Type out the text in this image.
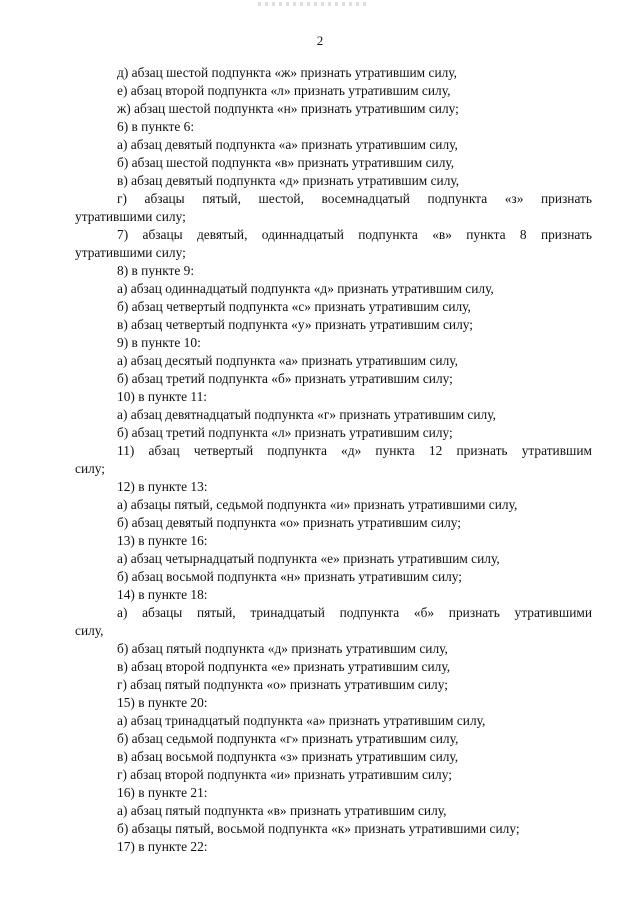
2
д) абзац шестой подпункта «ж» признать утратившим силу,
е) абзац второй подпункта «л» признать утратившим силу,
ж) абзац шестой подпункта «н» признать утратившим силу;
6) в пункте 6:
а) абзац девятый подпункта «а» признать утратившим силу,
б) абзац шестой подпункта «в» признать утратившим силу,
в) абзац девятый подпункта «д» признать утратившим силу,
г) абзацы пятый, шестой, восемнадцатый подпункта «з» признать
утратившими силу;
7) абзацы девятый, одиннадцатый подпункта «в» пункта 8 признать
утратившими силу;
8) в пункте 9:
а) абзац одиннадцатый подпункта «д» признать утратившим силу,
б) абзац четвертый подпункта «с» признать утратившим силу,
в) абзац четвертый подпункта «у» признать утратившим силу;
9) в пункте 10:
а) абзац десятый подпункта «а» признать утратившим силу,
б) абзац третий подпункта «б» признать утратившим силу;
10) в пункте 11:
а) абзац девятнадцатый подпункта «г» признать утратившим силу,
б) абзац третий подпункта «л» признать утратившим силу;
11) абзац четвертый подпункта «д» пункта 12 признать утратившим
силу;
12) в пункте 13:
а) абзацы пятый, седьмой подпункта «и» признать утратившими силу,
б) абзац девятый подпункта «о» признать утратившим силу;
13) в пункте 16:
а) абзац четырнадцатый подпункта «е» признать утратившим силу,
б) абзац восьмой подпункта «н» признать утратившим силу;
14) в пункте 18:
а) абзацы пятый, тринадцатый подпункта «б» признать утратившими
силу,
б) абзац пятый подпункта «д» признать утратившим силу,
в) абзац второй подпункта «е» признать утратившим силу,
г) абзац пятый подпункта «о» признать утратившим силу;
15) в пункте 20:
а) абзац тринадцатый подпункта «а» признать утратившим силу,
б) абзац седьмой подпункта «г» признать утратившим силу,
в) абзац восьмой подпункта «з» признать утратившим силу,
г) абзац второй подпункта «и» признать утратившим силу;
16) в пункте 21:
а) абзац пятый подпункта «в» признать утратившим силу,
б) абзацы пятый, восьмой подпункта «к» признать утратившими силу;
17) в пункте 22:
